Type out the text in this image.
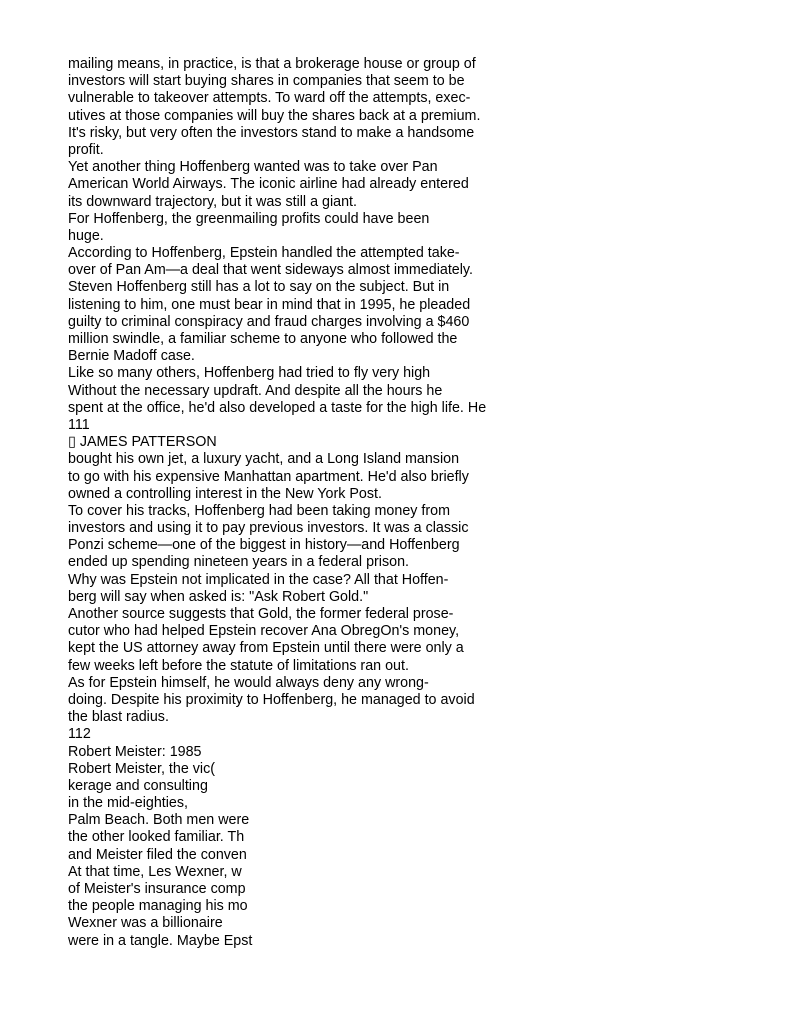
mailing means, in practice, is that a brokerage house or group of
investors will start buying shares in companies that seem to be
vulnerable to takeover attempts. To ward off the attempts, exec-
utives at those companies will buy the shares back at a premium.
It's risky, but very often the investors stand to make a handsome
profit.
Yet another thing Hoffenberg wanted was to take over Pan
American World Airways. The iconic airline had already entered
its downward trajectory, but it was still a giant.
For Hoffenberg, the greenmailing profits could have been
huge.
According to Hoffenberg, Epstein handled the attempted take-
over of Pan Am—a deal that went sideways almost immediately.
Steven Hoffenberg still has a lot to say on the subject. But in
listening to him, one must bear in mind that in 1995, he pleaded
guilty to criminal conspiracy and fraud charges involving a $460
million swindle, a familiar scheme to anyone who followed the
Bernie Madoff case.
Like so many others, Hoffenberg had tried to fly very high
Without the necessary updraft. And despite all the hours he
spent at the office, he'd also developed a taste for the high life. He
111
▯ JAMES PATTERSON
bought his own jet, a luxury yacht, and a Long Island mansion
to go with his expensive Manhattan apartment. He'd also briefly
owned a controlling interest in the New York Post.
To cover his tracks, Hoffenberg had been taking money from
investors and using it to pay previous investors. It was a classic
Ponzi scheme—one of the biggest in history—and Hoffenberg
ended up spending nineteen years in a federal prison.
Why was Epstein not implicated in the case? All that Hoffen-
berg will say when asked is: "Ask Robert Gold."
Another source suggests that Gold, the former federal prose-
cutor who had helped Epstein recover Ana ObregOn's money,
kept the US attorney away from Epstein until there were only a
few weeks left before the statute of limitations ran out.
As for Epstein himself, he would always deny any wrong-
doing. Despite his proximity to Hoffenberg, he managed to avoid
the blast radius.
112
Robert Meister: 1985
Robert Meister, the vic(
kerage and consulting
in the mid-eighties,
Palm Beach. Both men were
the other looked familiar. Th
and Meister filed the conven
At that time, Les Wexner, w
of Meister's insurance comp
the people managing his mo
Wexner was a billionaire
were in a tangle. Maybe Epst
